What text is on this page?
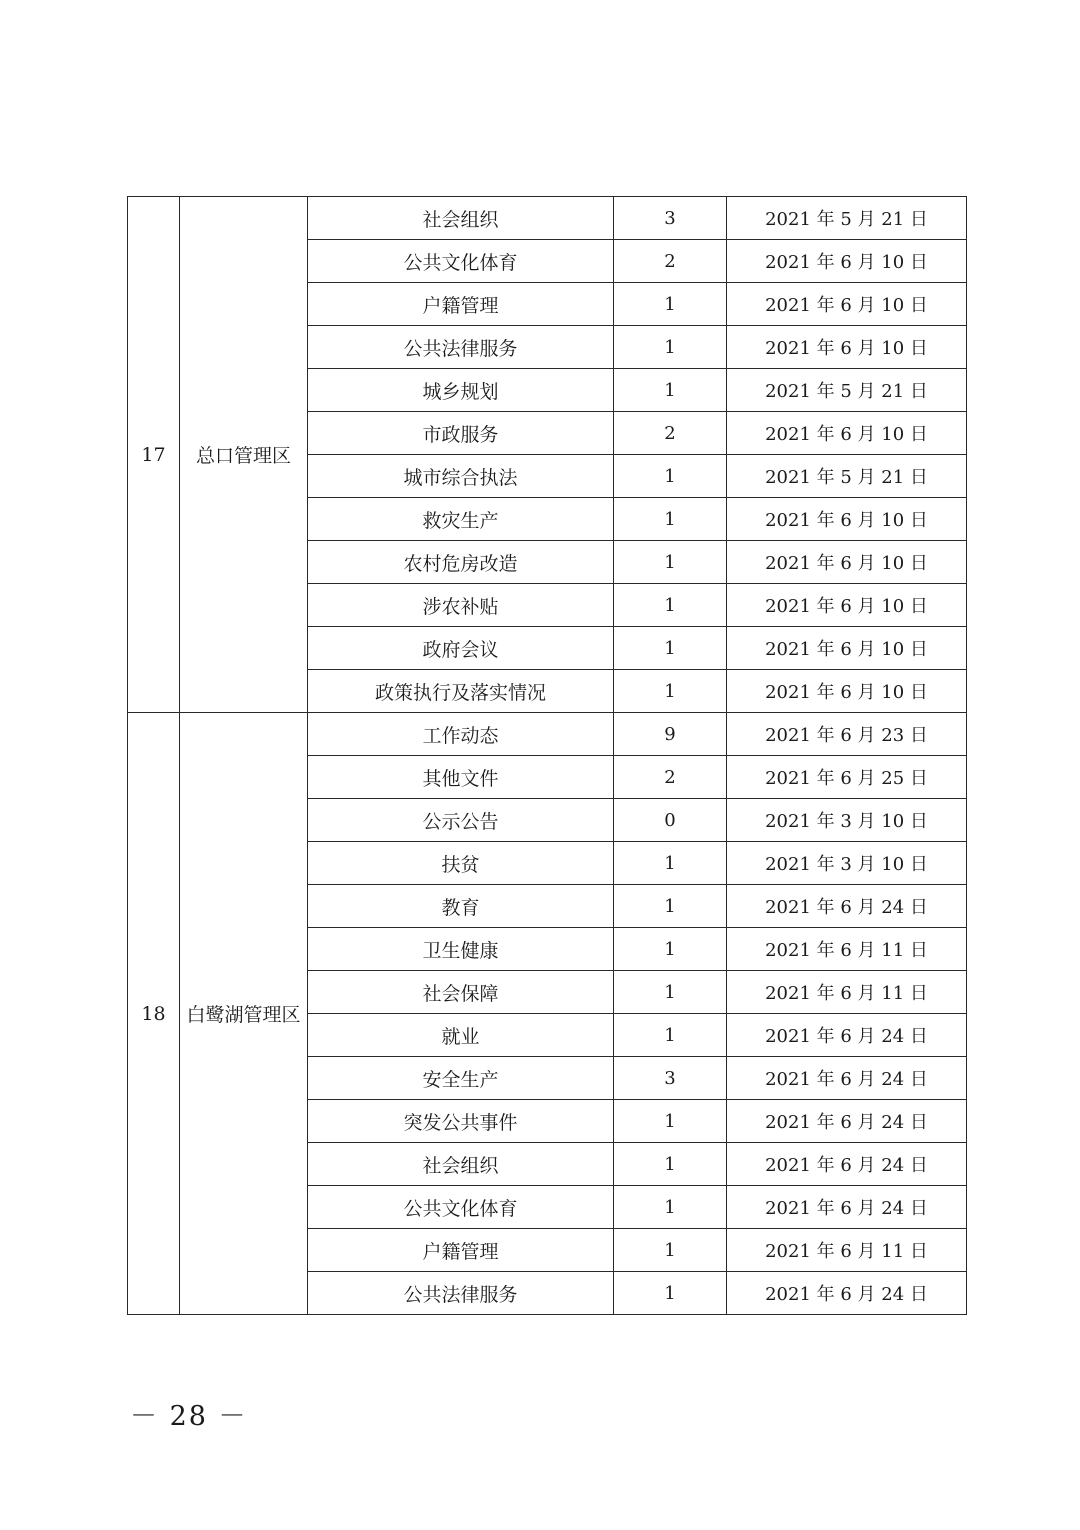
17	总口管理区	社会组织	3	2021 年 5 月 21 日
		公共文化体育	2	2021 年 6 月 10 日
		户籍管理	1	2021 年 6 月 10 日
		公共法律服务	1	2021 年 6 月 10 日
		城乡规划	1	2021 年 5 月 21 日
		市政服务	2	2021 年 6 月 10 日
		城市综合执法	1	2021 年 5 月 21 日
		救灾生产	1	2021 年 6 月 10 日
		农村危房改造	1	2021 年 6 月 10 日
		涉农补贴	1	2021 年 6 月 10 日
		政府会议	1	2021 年 6 月 10 日
		政策执行及落实情况	1	2021 年 6 月 10 日
18	白鹭湖管理区	工作动态	9	2021 年 6 月 23 日
		其他文件	2	2021 年 6 月 25 日
		公示公告	0	2021 年 3 月 10 日
		扶贫	1	2021 年 3 月 10 日
		教育	1	2021 年 6 月 24 日
		卫生健康	1	2021 年 6 月 11 日
		社会保障	1	2021 年 6 月 11 日
		就业	1	2021 年 6 月 24 日
		安全生产	3	2021 年 6 月 24 日
		突发公共事件	1	2021 年 6 月 24 日
		社会组织	1	2021 年 6 月 24 日
		公共文化体育	1	2021 年 6 月 24 日
		户籍管理	1	2021 年 6 月 11 日
		公共法律服务	1	2021 年 6 月 24 日
－ 28 －
